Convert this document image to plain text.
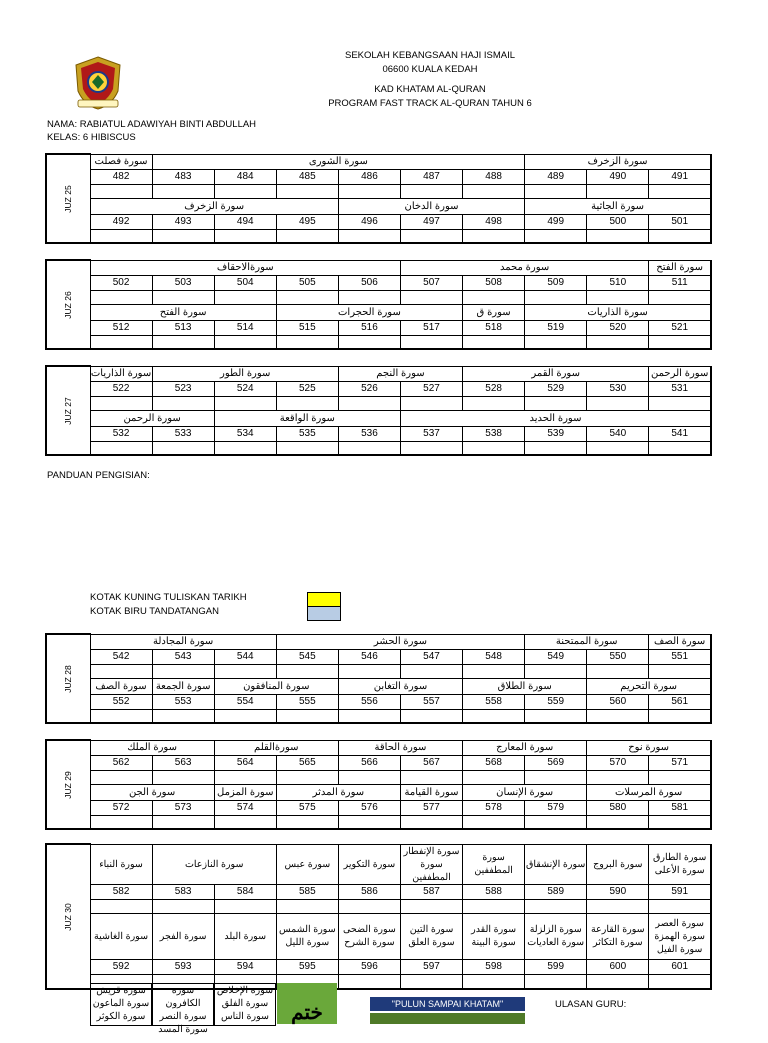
SEKOLAH KEBANGSAAN HAJI ISMAIL
06600 KUALA KEDAH
KAD KHATAM AL-QURAN
PROGRAM FAST TRACK AL-QURAN TAHUN 6
NAMA: RABIATUL ADAWIYAH BINTI ABDULLAH
KELAS: 6 HIBISCUS
JUZ 25	سورة فصلت	سورة الشورى						سورة الزخرف		
	482	483	484	485	486	487	488	489	490	491

	سورة الزخرف				سورة الدخان			سورة الجاثية		
	492	493	494	495	496	497	498	499	500	501

JUZ 26	سورةالاحقاف					سورة محمد				سورة الفتح
	502	503	504	505	506	507	508	509	510	511

	سورة الفتح			سورة الحجرات			سورة ق	سورة الذاريات		
	512	513	514	515	516	517	518	519	520	521

JUZ 27	سورة الذاريات	سورة الطور			سورة النجم		سورة القمر			سورة الرحمن
	522	523	524	525	526	527	528	529	530	531

	سورة الرحمن		سورة الواقعة			سورة الحديد				
	532	533	534	535	536	537	538	539	540	541

JUZ 28	سورة المجادلة			سورة الحشر				سورة الممتحنة		سورة الصف
	542	543	544	545	546	547	548	549	550	551

	سورة الصف	سورة الجمعة	سورة المنافقون		سورة التغابن		سورة الطلاق		سورة التحريم	
	552	553	554	555	556	557	558	559	560	561

JUZ 29	سورة الملك		سورةالقلم		سورة الحاقة		سورة المعارج		سورة نوح	
	562	563	564	565	566	567	568	569	570	571

	سورة الجن		سورة المزمل	سورة المدثر		سورة القيامة	سورة الإنسان		سورة المرسلات	
	572	573	574	575	576	577	578	579	580	581

JUZ 30	سورة النباء	سورة النازعات		سورة عبس	سورة التكوير	سورة الإنفطار سورة المطففين	سورة المطففين	سورة الإنشقاق	سورة البروج	سورة الطارق سورة الأعلى
	582	583	584	585	586	587	588	589	590	591

	سورة الغاشية	سورة الفجر	سورة البلد	سورة الشمس سورة الليل	سورة الضحى سورة الشرح	سورة التين سورة العلق	سورة القدر سورة البينة	سورة الزلزلة سورة العاديات	سورة القارعة سورة التكاثر	سورة العصر سورة الهمزة سورة الفيل
	592	593	594	595	596	597	598	599	600	601

PANDUAN PENGISIAN:
KOTAK KUNING TULISKAN TARIKH
KOTAK BIRU TANDATANGAN
سورة قريش سورة الماعون سورة الكوثر
سورة الكافرون سورة النصر سورة المسد
سورة الإخلاص سورة الفلق سورة الناس	ختم	"PULUN SAMPAI KHATAM"	ULASAN GURU:
